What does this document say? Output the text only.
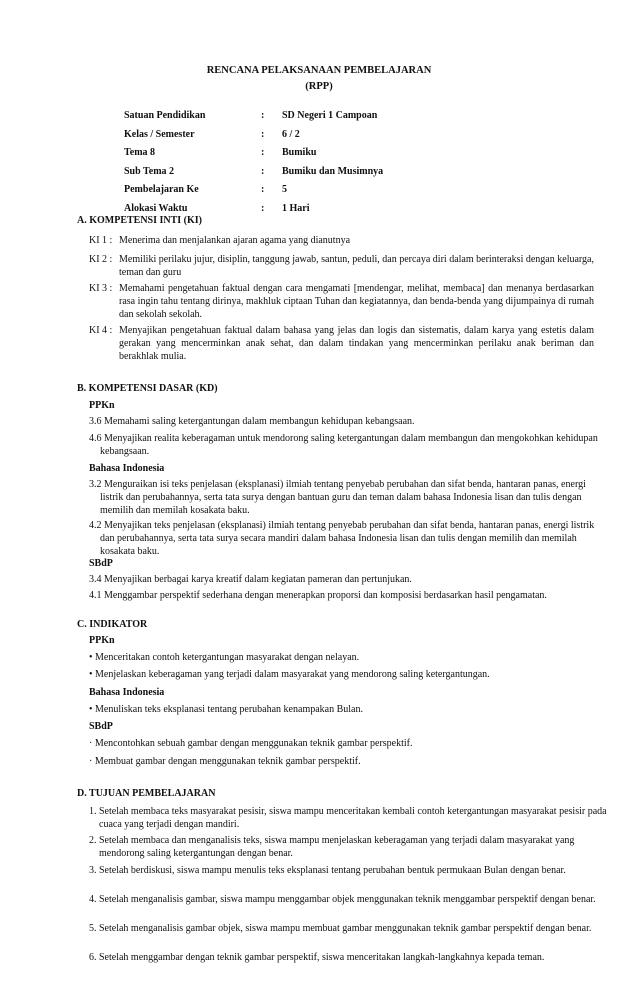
RENCANA PELAKSANAAN PEMBELAJARAN
(RPP)
Satuan Pendidikan	:	SD Negeri 1 Campoan
Kelas / Semester	:	6 / 2
Tema 8	:	Bumiku
Sub Tema 2	:	Bumiku dan Musimnya
Pembelajaran Ke	:	5
Alokasi Waktu	:	1 Hari
A. KOMPETENSI INTI (KI)
KI 1 : Menerima dan menjalankan ajaran agama yang dianutnya
KI 2 : Memiliki perilaku jujur, disiplin, tanggung jawab, santun, peduli, dan percaya diri dalam berinteraksi dengan keluarga, teman dan guru
KI 3 : Memahami pengetahuan faktual dengan cara mengamati [mendengar, melihat, membaca] dan menanya berdasarkan rasa ingin tahu tentang dirinya, makhluk ciptaan Tuhan dan kegiatannya, dan benda-benda yang dijumpainya di rumah dan sekolah sekolah.
KI 4 : Menyajikan pengetahuan faktual dalam bahasa yang jelas dan logis dan sistematis, dalam karya yang estetis dalam gerakan yang mencerminkan anak sehat, dan dalam tindakan yang mencerminkan perilaku anak beriman dan berakhlak mulia.
B. KOMPETENSI DASAR (KD)
PPKn
3.6 Memahami saling ketergantungan dalam membangun kehidupan kebangsaan.
4.6 Menyajikan realita keberagaman untuk mendorong saling ketergantungan dalam membangun dan mengokohkan kehidupan kebangsaan.
Bahasa Indonesia
3.2 Menguraikan isi teks penjelasan (eksplanasi) ilmiah tentang penyebab perubahan dan sifat benda, hantaran panas, energi listrik dan perubahannya, serta tata surya dengan bantuan guru dan teman dalam bahasa Indonesia lisan dan tulis dengan memilih dan memilah kosakata baku.
4.2 Menyajikan teks penjelasan (eksplanasi) ilmiah tentang penyebab perubahan dan sifat benda, hantaran panas, energi listrik dan perubahannya, serta tata surya secara mandiri dalam bahasa Indonesia lisan dan tulis dengan memilih dan memilah kosakata baku.
SBdP
3.4 Menyajikan berbagai karya kreatif dalam kegiatan pameran dan pertunjukan.
4.1 Menggambar perspektif sederhana dengan menerapkan proporsi dan komposisi berdasarkan hasil pengamatan.
C. INDIKATOR
PPKn
• Menceritakan contoh ketergantungan masyarakat dengan nelayan.
• Menjelaskan keberagaman yang terjadi dalam masyarakat yang mendorong saling ketergantungan.
Bahasa Indonesia
• Menuliskan teks eksplanasi tentang perubahan kenampakan Bulan.
SBdP
· Mencontohkan sebuah gambar dengan menggunakan teknik gambar perspektif.
· Membuat gambar dengan menggunakan teknik gambar perspektif.
D. TUJUAN PEMBELAJARAN
1. Setelah membaca teks masyarakat pesisir, siswa mampu menceritakan kembali contoh ketergantungan masyarakat pesisir pada cuaca yang terjadi dengan mandiri.
2. Setelah membaca dan menganalisis teks, siswa mampu menjelaskan keberagaman yang terjadi dalam masyarakat yang mendorong saling ketergantungan dengan benar.
3. Setelah berdiskusi, siswa mampu menulis teks eksplanasi tentang perubahan bentuk permukaan Bulan dengan benar.
4. Setelah menganalisis gambar, siswa mampu menggambar objek menggunakan teknik menggambar perspektif dengan benar.
5. Setelah menganalisis gambar objek, siswa mampu membuat gambar menggunakan teknik gambar perspektif dengan benar.
6. Setelah menggambar dengan teknik gambar perspektif, siswa menceritakan langkah-langkahnya kepada teman.
